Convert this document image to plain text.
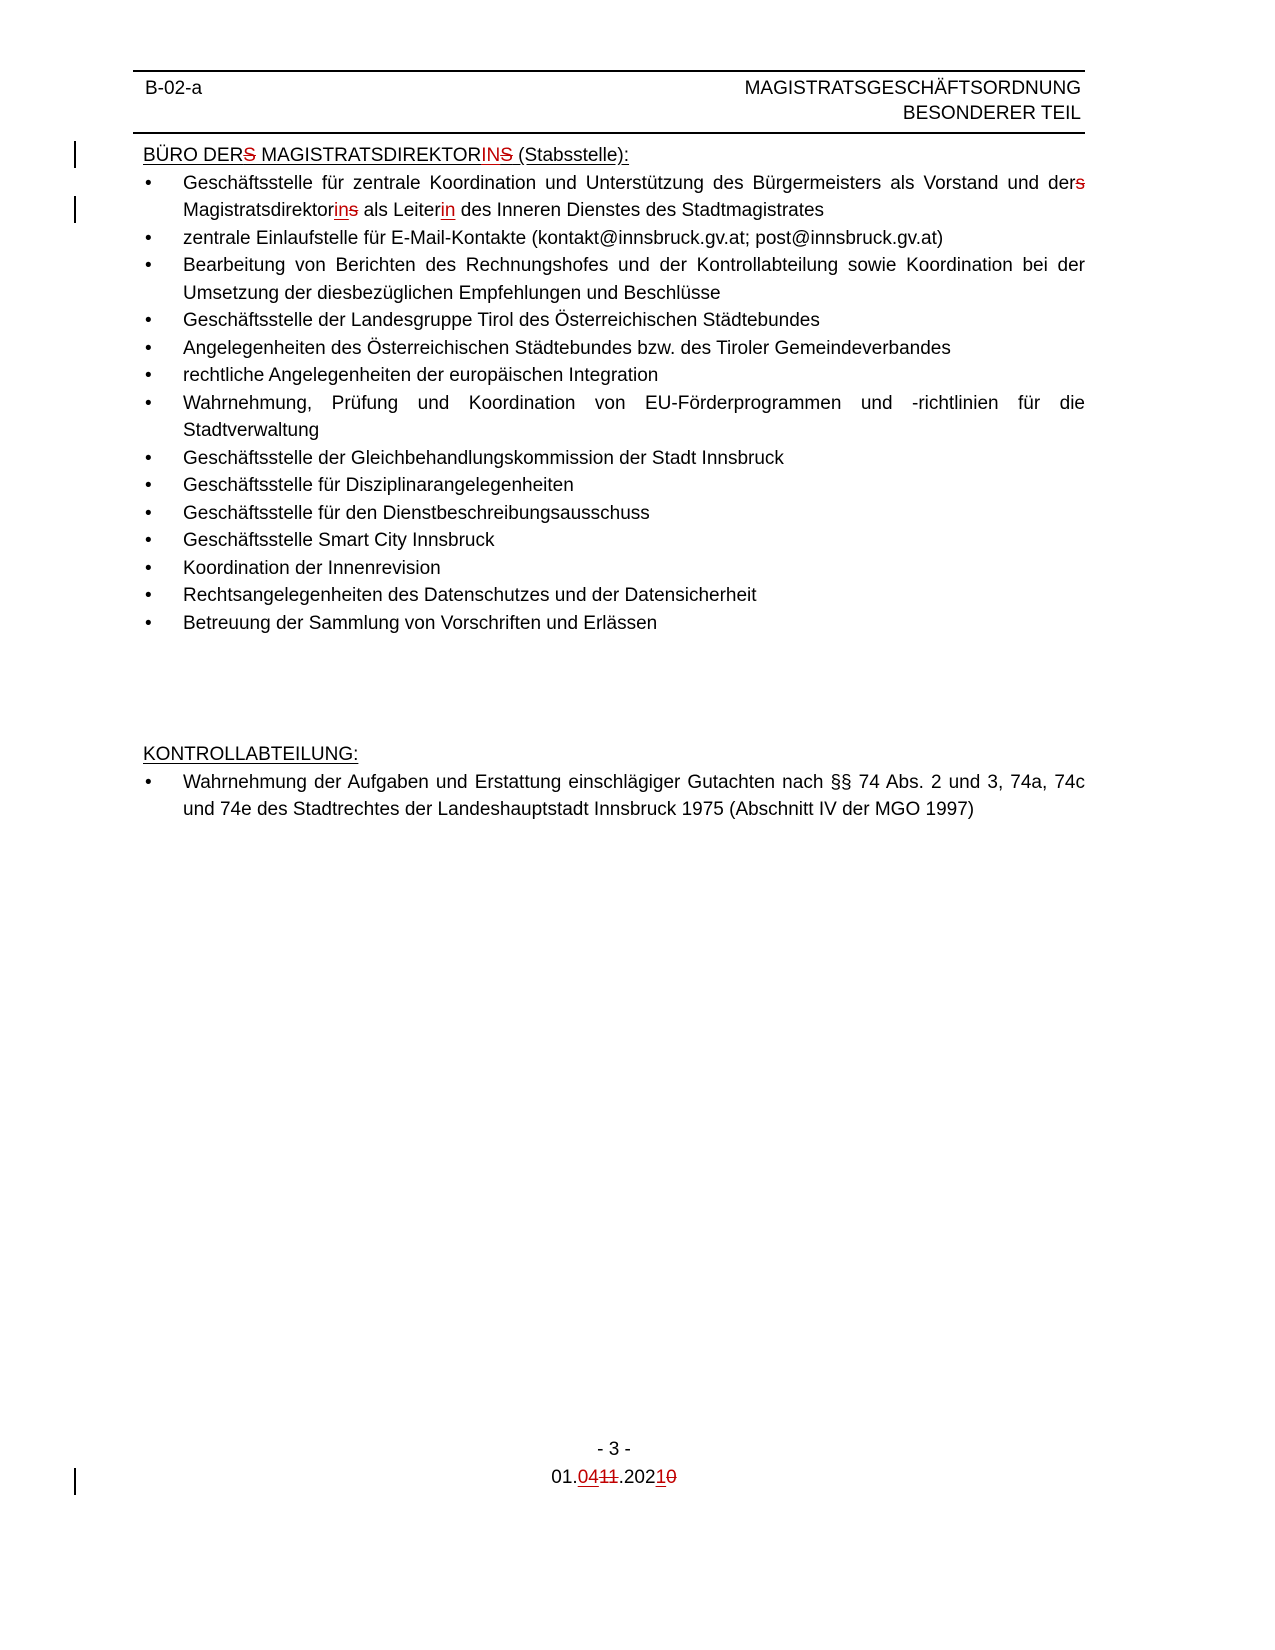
B-02-a	MAGISTRATSGESCHÄFTSORDNUNG
BESONDERER TEIL
BÜRO DERS MAGISTRATSDIREKTORINS (Stabsstelle):
• Geschäftsstelle für zentrale Koordination und Unterstützung des Bürgermeisters als Vorstand und ders Magistratsdirektorins als Leiterin des Inneren Dienstes des Stadtmagistrates
• zentrale Einlaufstelle für E-Mail-Kontakte (kontakt@innsbruck.gv.at; post@innsbruck.gv.at)
• Bearbeitung von Berichten des Rechnungshofes und der Kontrollabteilung sowie Koordination bei der Umsetzung der diesbezüglichen Empfehlungen und Beschlüsse
• Geschäftsstelle der Landesgruppe Tirol des Österreichischen Städtebundes
• Angelegenheiten des Österreichischen Städtebundes bzw. des Tiroler Gemeindeverbandes
• rechtliche Angelegenheiten der europäischen Integration
• Wahrnehmung, Prüfung und Koordination von EU-Förderprogrammen und -richtlinien für die Stadtverwaltung
• Geschäftsstelle der Gleichbehandlungskommission der Stadt Innsbruck
• Geschäftsstelle für Disziplinarangelegenheiten
• Geschäftsstelle für den Dienstbeschreibungsausschuss
• Geschäftsstelle Smart City Innsbruck
• Koordination der Innenrevision
• Rechtsangelegenheiten des Datenschutzes und der Datensicherheit
• Betreuung der Sammlung von Vorschriften und Erlässen
KONTROLLABTEILUNG:
• Wahrnehmung der Aufgaben und Erstattung einschlägiger Gutachten nach §§ 74 Abs. 2 und 3, 74a, 74c und 74e des Stadtrechtes der Landeshauptstadt Innsbruck 1975 (Abschnitt IV der MGO 1997)
- 3 -
01.0411.20210
